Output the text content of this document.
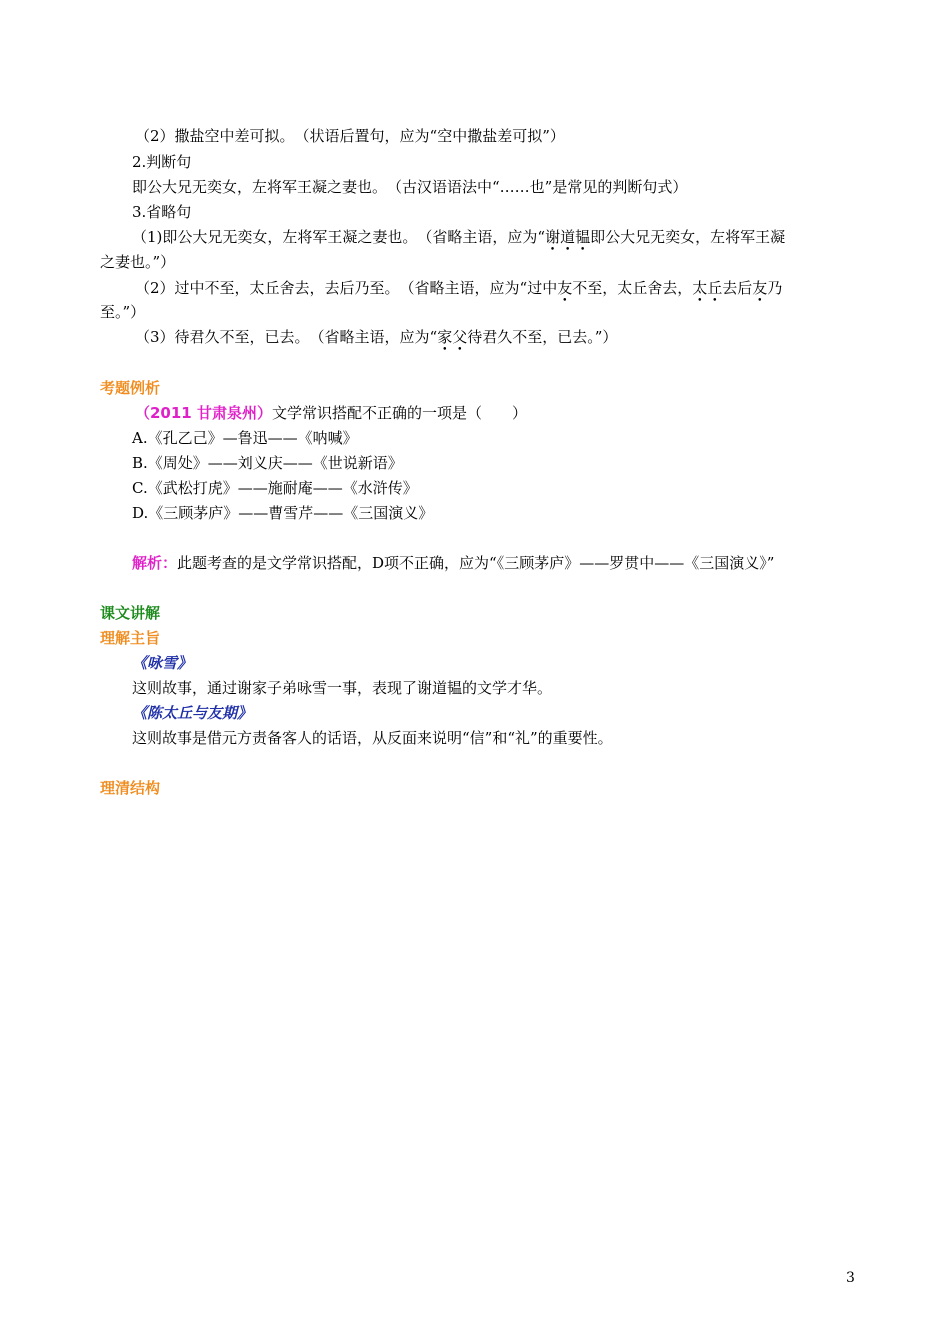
（2）撒盐空中差可拟。　（状语后置句，应为“空中撒盐差可拟”）
2.判断句
即公大兄无奕女，左将军王凝之妻也。　（古汉语语法中“……也”是常见的判断句式）
3.省略句
（1)即公大兄无奕女，左将军王凝之妻也。　（省略主语，应为“谢道韫即公大兄无奕女，左将军王凝
之妻也。”）
（2）过中不至，太丘舍去，去后乃至。　（省略主语，应为“过中友不至，太丘舍去，太丘去后友乃
至。”）
（3）待君久不至，已去。　（省略主语，应为“家父待君久不至，已去。”）
考题例析
（2011 甘肃泉州）文学常识搭配不正确的一项是（　　）
A.《孔乙己》—鲁迅——《呐喊》
B.《周处》——刘义庆——《世说新语》
C.《武松打虎》——施耐庵——《水浒传》
D.《三顾茅庐》——曹雪芹——《三国演义》
解析：此题考查的是文学常识搭配，D项不正确，应为“《三顾茅庐》——罗贯中——《三国演义》”
课文讲解
理解主旨
《咏雪》
这则故事，通过谢家子弟咏雪一事，表现了谢道韫的文学才华。
《陈太丘与友期》
这则故事是借元方责备客人的话语，从反面来说明“信”和“礼”的重要性。
理清结构
3
